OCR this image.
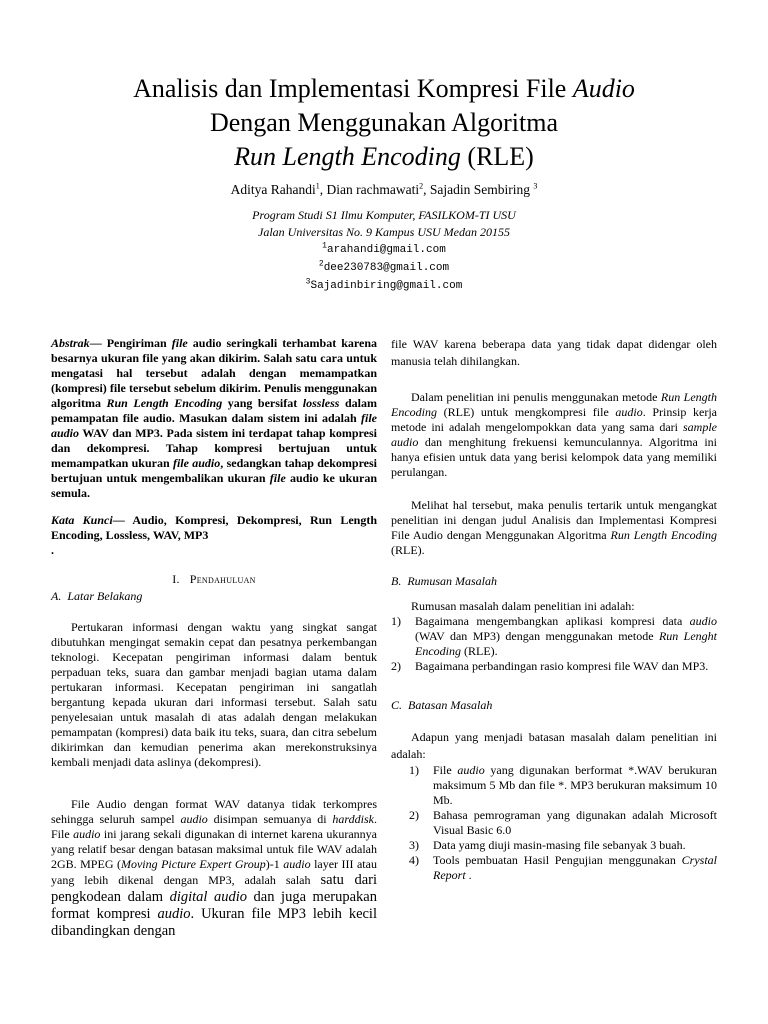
Analisis dan Implementasi Kompresi File Audio
Dengan Menggunakan Algoritma
Run Length Encoding (RLE)
Aditya Rahandi$^1$, Dian rachmawati$^2$, Sajadin Sembiring $^3$
Program Studi S1 Ilmu Komputer, FASILKOM-TI USU
Jalan Universitas No. 9 Kampus USU Medan 20155
$^1$arahandi@gmail.com
$^2$dee230783@gmail.com
$^3$Sajadinbiring@gmail.com

Abstrak— Pengiriman file audio seringkali terhambat karena besarnya ukuran file yang akan dikirim. Salah satu cara untuk mengatasi hal tersebut adalah dengan memampatkan (kompresi) file tersebut sebelum dikirim. Penulis menggunakan algoritma Run Length Encoding yang bersifat lossless dalam pemampatan file audio. Masukan dalam sistem ini adalah file audio WAV dan MP3. Pada sistem ini terdapat tahap kompresi dan dekompresi. Tahap kompresi bertujuan untuk memampatkan ukuran file audio, sedangkan tahap dekompresi bertujuan untuk mengembalikan ukuran file audio ke ukuran semula.

Kata Kunci— Audio, Kompresi, Dekompresi, Run Length Encoding, Lossless, WAV, MP3

.

I. Pendahuluan

A. Latar Belakang

Pertukaran informasi dengan waktu yang singkat sangat dibutuhkan mengingat semakin cepat dan pesatnya perkembangan teknologi. Kecepatan pengiriman informasi dalam bentuk perpaduan teks, suara dan gambar menjadi bagian utama dalam pertukaran informasi. Kecepatan pengiriman ini sangatlah bergantung kepada ukuran dari informasi tersebut. Salah satu penyelesaian untuk masalah di atas adalah dengan melakukan pemampatan (kompresi) data baik itu teks, suara, dan citra sebelum dikirimkan dan kemudian penerima akan merekonstruksinya kembali menjadi data aslinya (dekompresi).

File Audio dengan format WAV datanya tidak terkompres sehingga seluruh sampel audio disimpan semuanya di harddisk. File audio ini jarang sekali digunakan di internet karena ukurannya yang relatif besar dengan batasan maksimal untuk file WAV adalah 2GB. MPEG (Moving Picture Expert Group)-1 audio layer III atau yang lebih dikenal dengan MP3, adalah salah satu dari pengkodean dalam digital audio dan juga merupakan format kompresi audio. Ukuran file MP3 lebih kecil dibandingkan dengan

file WAV karena beberapa data yang tidak dapat didengar oleh manusia telah dihilangkan.

Dalam penelitian ini penulis menggunakan metode Run Length Encoding (RLE) untuk mengkompresi file audio. Prinsip kerja metode ini adalah mengelompokkan data yang sama dari sample audio dan menghitung frekuensi kemunculannya. Algoritma ini hanya efisien untuk data yang berisi kelompok data yang memiliki perulangan.

Melihat hal tersebut, maka penulis tertarik untuk mengangkat penelitian ini dengan judul Analisis dan Implementasi Kompresi File Audio dengan Menggunakan Algoritma Run Length Encoding (RLE).

B. Rumusan Masalah

Rumusan masalah dalam penelitian ini adalah:

1) Bagaimana mengembangkan aplikasi kompresi data audio (WAV dan MP3) dengan menggunakan metode Run Lenght Encoding (RLE).
2) Bagaimana perbandingan rasio kompresi file WAV dan MP3.

C. Batasan Masalah

Adapun yang menjadi batasan masalah dalam penelitian ini adalah:

1) File audio yang digunakan berformat *.WAV berukuran maksimum 5 Mb dan file *. MP3 berukuran maksimum 10 Mb.
2) Bahasa pemrograman yang digunakan adalah Microsoft Visual Basic 6.0
3) Data yamg diuji masin-masing file sebanyak 3 buah.
4) Tools pembuatan Hasil Pengujian menggunakan Crystal Report .
